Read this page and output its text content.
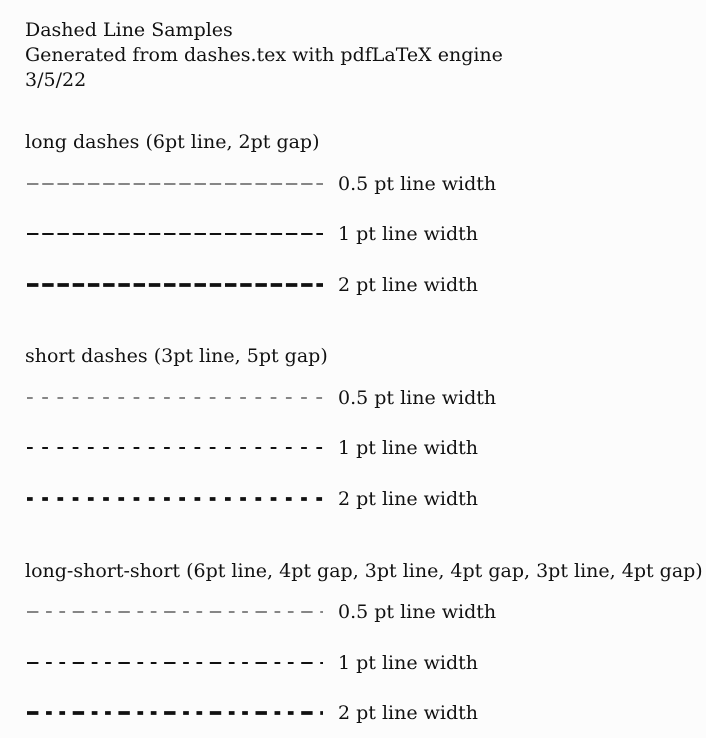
Dashed Line Samples
Generated from dashes.tex with pdfLaTeX engine
3/5/22
long dashes (6pt line, 2pt gap)
0.5 pt line width
1 pt line width
2 pt line width
short dashes (3pt line, 5pt gap)
0.5 pt line width
1 pt line width
2 pt line width
long-short-short (6pt line, 4pt gap, 3pt line, 4pt gap, 3pt line, 4pt gap)
0.5 pt line width
1 pt line width
2 pt line width
